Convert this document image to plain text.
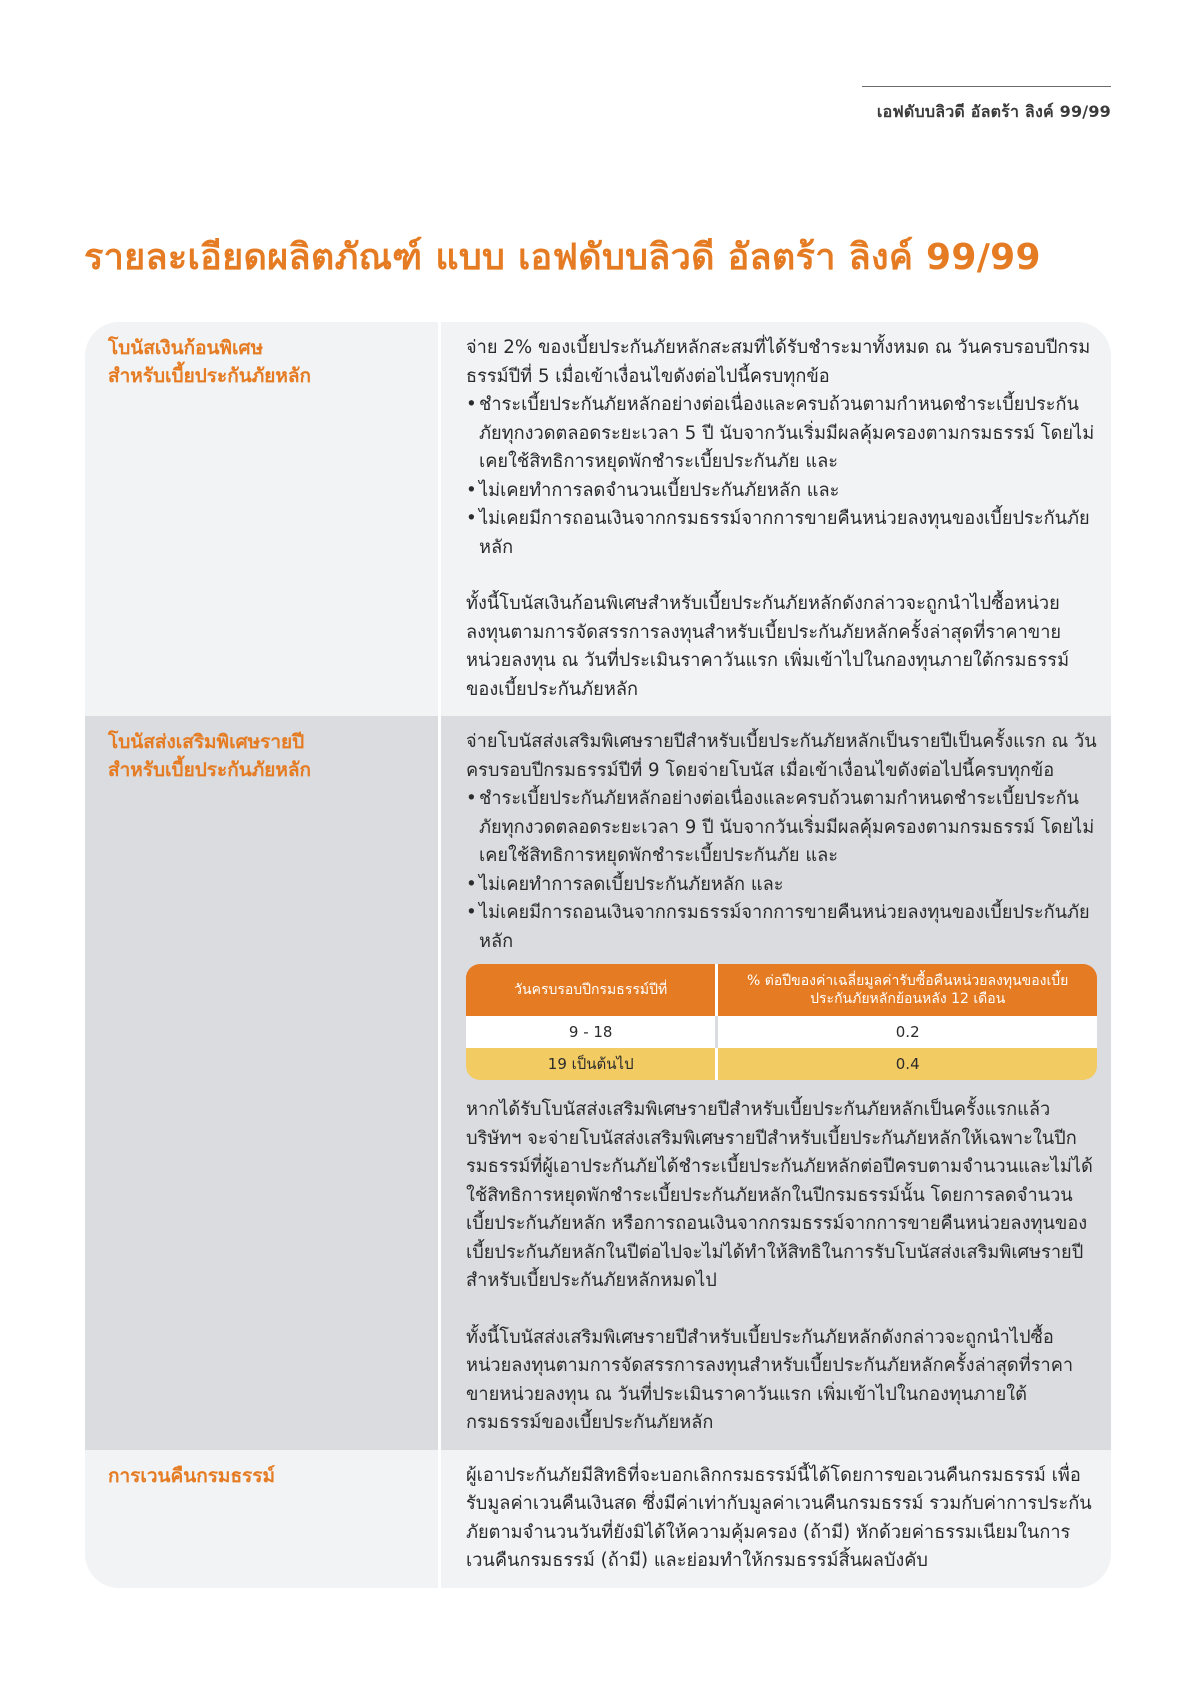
เอฟดับบลิวดี อัลตร้า ลิงค์ 99/99
รายละเอียดผลิตภัณฑ์ แบบ เอฟดับบลิวดี อัลตร้า ลิงค์ 99/99
โบนัสเงินก้อนพิเศษ
สำหรับเบี้ยประกันภัยหลัก
จ่าย 2% ของเบี้ยประกันภัยหลักสะสมที่ได้รับชำระมาทั้งหมด ณ วันครบรอบปีกรมธรรม์ปีที่ 5 เมื่อเข้าเงื่อนไขดังต่อไปนี้ครบทุกข้อ
• ชำระเบี้ยประกันภัยหลักอย่างต่อเนื่องและครบถ้วนตามกำหนดชำระเบี้ยประกันภัยทุกงวดตลอดระยะเวลา 5 ปี นับจากวันเริ่มมีผลคุ้มครองตามกรมธรรม์ โดยไม่เคยใช้สิทธิการหยุดพักชำระเบี้ยประกันภัย และ
• ไม่เคยทำการลดจำนวนเบี้ยประกันภัยหลัก และ
• ไม่เคยมีการถอนเงินจากกรมธรรม์จากการขายคืนหน่วยลงทุนของเบี้ยประกันภัยหลัก
ทั้งนี้โบนัสเงินก้อนพิเศษสำหรับเบี้ยประกันภัยหลักดังกล่าวจะถูกนำไปซื้อหน่วยลงทุนตามการจัดสรรการลงทุนสำหรับเบี้ยประกันภัยหลักครั้งล่าสุดที่ราคาขายหน่วยลงทุน ณ วันที่ประเมินราคาวันแรก เพิ่มเข้าไปในกองทุนภายใต้กรมธรรม์ของเบี้ยประกันภัยหลัก
โบนัสส่งเสริมพิเศษรายปี
สำหรับเบี้ยประกันภัยหลัก
จ่ายโบนัสส่งเสริมพิเศษรายปีสำหรับเบี้ยประกันภัยหลักเป็นรายปีเป็นครั้งแรก ณ วันครบรอบปีกรมธรรม์ปีที่ 9 โดยจ่ายโบนัส เมื่อเข้าเงื่อนไขดังต่อไปนี้ครบทุกข้อ
• ชำระเบี้ยประกันภัยหลักอย่างต่อเนื่องและครบถ้วนตามกำหนดชำระเบี้ยประกันภัยทุกงวดตลอดระยะเวลา 9 ปี นับจากวันเริ่มมีผลคุ้มครองตามกรมธรรม์ โดยไม่เคยใช้สิทธิการหยุดพักชำระเบี้ยประกันภัย และ
• ไม่เคยทำการลดเบี้ยประกันภัยหลัก และ
• ไม่เคยมีการถอนเงินจากกรมธรรม์จากการขายคืนหน่วยลงทุนของเบี้ยประกันภัยหลัก
วันครบรอบปีกรมธรรม์ปีที่	% ต่อปีของค่าเฉลี่ยมูลค่ารับซื้อคืนหน่วยลงทุนของเบี้ยประกันภัยหลักย้อนหลัง 12 เดือน
9 - 18	0.2
19 เป็นต้นไป	0.4
หากได้รับโบนัสส่งเสริมพิเศษรายปีสำหรับเบี้ยประกันภัยหลักเป็นครั้งแรกแล้ว บริษัทฯ จะจ่ายโบนัสส่งเสริมพิเศษรายปีสำหรับเบี้ยประกันภัยหลักให้เฉพาะในปีกรมธรรม์ที่ผู้เอาประกันภัยได้ชำระเบี้ยประกันภัยหลักต่อปีครบตามจำนวนและไม่ได้ใช้สิทธิการหยุดพักชำระเบี้ยประกันภัยหลักในปีกรมธรรม์นั้น โดยการลดจำนวนเบี้ยประกันภัยหลัก หรือการถอนเงินจากกรมธรรม์จากการขายคืนหน่วยลงทุนของเบี้ยประกันภัยหลักในปีต่อไปจะไม่ได้ทำให้สิทธิในการรับโบนัสส่งเสริมพิเศษรายปีสำหรับเบี้ยประกันภัยหลักหมดไป
ทั้งนี้โบนัสส่งเสริมพิเศษรายปีสำหรับเบี้ยประกันภัยหลักดังกล่าวจะถูกนำไปซื้อหน่วยลงทุนตามการจัดสรรการลงทุนสำหรับเบี้ยประกันภัยหลักครั้งล่าสุดที่ราคาขายหน่วยลงทุน ณ วันที่ประเมินราคาวันแรก เพิ่มเข้าไปในกองทุนภายใต้กรมธรรม์ของเบี้ยประกันภัยหลัก
การเวนคืนกรมธรรม์	ผู้เอาประกันภัยมีสิทธิที่จะบอกเลิกกรมธรรม์นี้ได้โดยการขอเวนคืนกรมธรรม์ เพื่อรับมูลค่าเวนคืนเงินสด ซึ่งมีค่าเท่ากับมูลค่าเวนคืนกรมธรรม์ รวมกับค่าการประกันภัยตามจำนวนวันที่ยังมิได้ให้ความคุ้มครอง (ถ้ามี) หักด้วยค่าธรรมเนียมในการเวนคืนกรมธรรม์ (ถ้ามี) และย่อมทำให้กรมธรรม์สิ้นผลบังคับ
